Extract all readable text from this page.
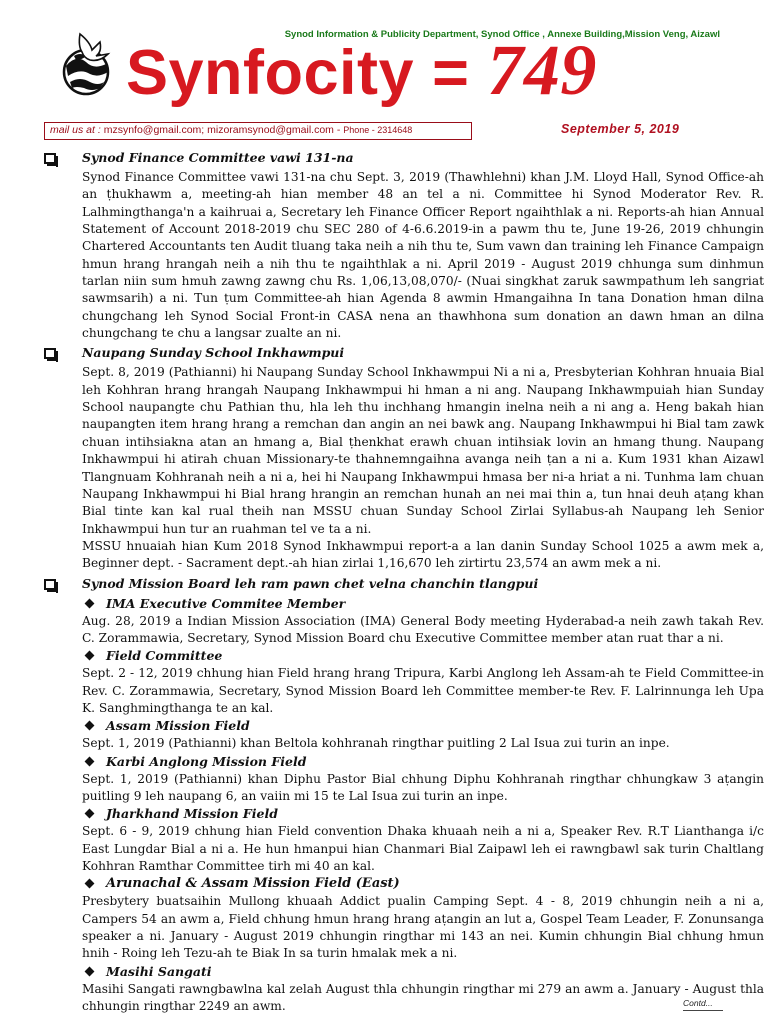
Synod Information & Publicity Department, Synod Office , Annexe Building,Mission Veng, Aizawl
Synfocity = 749
mail us at : mzsynfo@gmail.com; mizoramsynod@gmail.com - Phone - 2314648	September 5, 2019
Synod Finance Committee vawi 131-na

Synod Finance Committee vawi 131-na chu Sept. 3, 2019 (Thawhlehni) khan J.M. Lloyd Hall, Synod Office-ah an ṭhukhawm a, meeting-ah hian member 48 an tel a ni. Committee hi Synod Moderator Rev. R. Lalhmingthanga'n a kaihruai a, Secretary leh Finance Officer Report ngaihthlak a ni. Reports-ah hian Annual Statement of Account 2018-2019 chu SEC 280 of 4-6.6.2019-in a pawm thu te, June 19-26, 2019 chhungin Chartered Accountants ten Audit tluang taka neih a nih thu te, Sum vawn dan training leh Finance Campaign hmun hrang hrangah neih a nih thu te ngaihthlak a ni. April 2019 - August 2019 chhunga sum dinhmun tarlan niin sum hmuh zawng zawng chu Rs. 1,06,13,08,070/- (Nuai singkhat zaruk sawmpathum leh sangriat sawmsarih) a ni. Tun ṭum Committee-ah hian Agenda 8 awmin Hmangaihna In tana Donation hman dilna chungchang leh Synod Social Front-in CASA nena an thawhhona sum donation an dawn hman an dilna chungchang te chu a langsar zualte an ni.

Naupang Sunday School Inkhawmpui

Sept. 8, 2019 (Pathianni) hi Naupang Sunday School Inkhawmpui Ni a ni a, Presbyterian Kohhran hnuaia Bial leh Kohhran hrang hrangah Naupang Inkhawmpui hi hman a ni ang. Naupang Inkhawmpuiah hian Sunday School naupangte chu Pathian thu, hla leh thu inchhang hmangin inelna neih a ni ang a. Heng bakah hian naupangten item hrang hrang a remchan dan angin an nei bawk ang. Naupang Inkhawmpui hi Bial tam zawk chuan intihsiakna atan an hmang a, Bial ṭhenkhat erawh chuan intihsiak lovin an hmang thung. Naupang Inkhawmpui hi atirah chuan Missionary-te thahnemngaihna avanga neih ṭan a ni a. Kum 1931 khan Aizawl Tlangnuam Kohhranah neih a ni a, hei hi Naupang Inkhawmpui hmasa ber ni-a hriat a ni. Tunhma lam chuan Naupang Inkhawmpui hi Bial hrang hrangin an remchan hunah an nei mai thin a, tun hnai deuh aṭang khan Bial tinte kan kal rual theih nan MSSU chuan Sunday School Zirlai Syllabus-ah Naupang leh Senior Inkhawmpui hun tur an ruahman tel ve ta a ni.

MSSU hnuaiah hian Kum 2018 Synod Inkhawmpui report-a a lan danin Sunday School 1025 a awm mek a, Beginner dept. - Sacrament dept.-ah hian zirlai 1,16,670 leh zirtirtu 23,574 an awm mek a ni.

Synod Mission Board leh ram pawn chet velna chanchin tlangpui
IMA Executive Commitee Member

Aug. 28, 2019 a Indian Mission Association (IMA) General Body meeting Hyderabad-a neih zawh takah Rev. C. Zorammawia, Secretary, Synod Mission Board chu Executive Committee member atan ruat thar a ni.

Field Committee

Sept. 2 - 12, 2019 chhung hian Field hrang hrang Tripura, Karbi Anglong leh Assam-ah te Field Committee-in Rev. C. Zorammawia, Secretary, Synod Mission Board leh Committee member-te Rev. F. Lalrinnunga leh Upa K. Sanghmingthanga te an kal.

Assam Mission Field

Sept. 1, 2019 (Pathianni) khan Beltola kohhranah ringthar puitling 2 Lal Isua zui turin an inpe.

Karbi Anglong Mission Field

Sept. 1, 2019 (Pathianni) khan Diphu Pastor Bial chhung Diphu Kohhranah ringthar chhungkaw 3 aṭangin puitling 9 leh naupang 6, an vaiin mi 15 te Lal Isua zui turin an inpe.

Jharkhand Mission Field

Sept. 6 - 9, 2019 chhung hian Field convention Dhaka khuaah neih a ni a, Speaker Rev. R.T Lianthanga i/c East Lungdar Bial a ni a. He hun hmanpui hian Chanmari Bial Zaipawl leh ei rawngbawl sak turin Chaltlang Kohhran Ramthar Committee tirh mi 40 an kal.

Arunachal & Assam Mission Field (East)

Presbytery buatsaihin Mullong khuaah Addict pualin Camping Sept. 4 - 8, 2019 chhungin neih a ni a, Campers 54 an awm a, Field chhung hmun hrang hrang aṭangin an lut a, Gospel Team Leader, F. Zonunsanga speaker a ni. January - August 2019 chhungin ringthar mi 143 an nei. Kumin chhungin Bial chhung hmun hnih - Roing leh Tezu-ah te Biak In sa turin hmalak mek a ni.

Masihi Sangati

Masihi Sangati rawngbawlna kal zelah August thla chhungin ringthar mi 279 an awm a. January - August thla chhungin ringthar 2249 an awm.	Contd...
